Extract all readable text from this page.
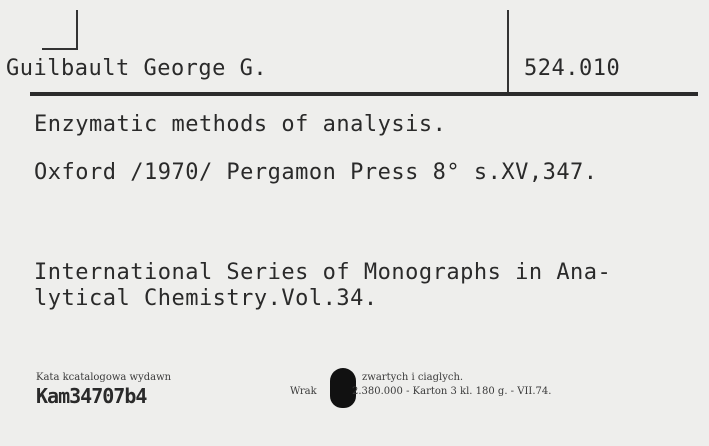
Guilbault George G.	524.010
Enzymatic methods of analysis.
Oxford /1970/ Pergamon Press 8° s.XV,347.
International Series of Monographs in Ana-
lytical Chemistry.Vol.34.
Kata kcatalogowa wydawn
Kam34707b4	Wrak
zwartych i ciaglych.
2.380.000 - Karton 3 kl. 180 g. - VII.74.
